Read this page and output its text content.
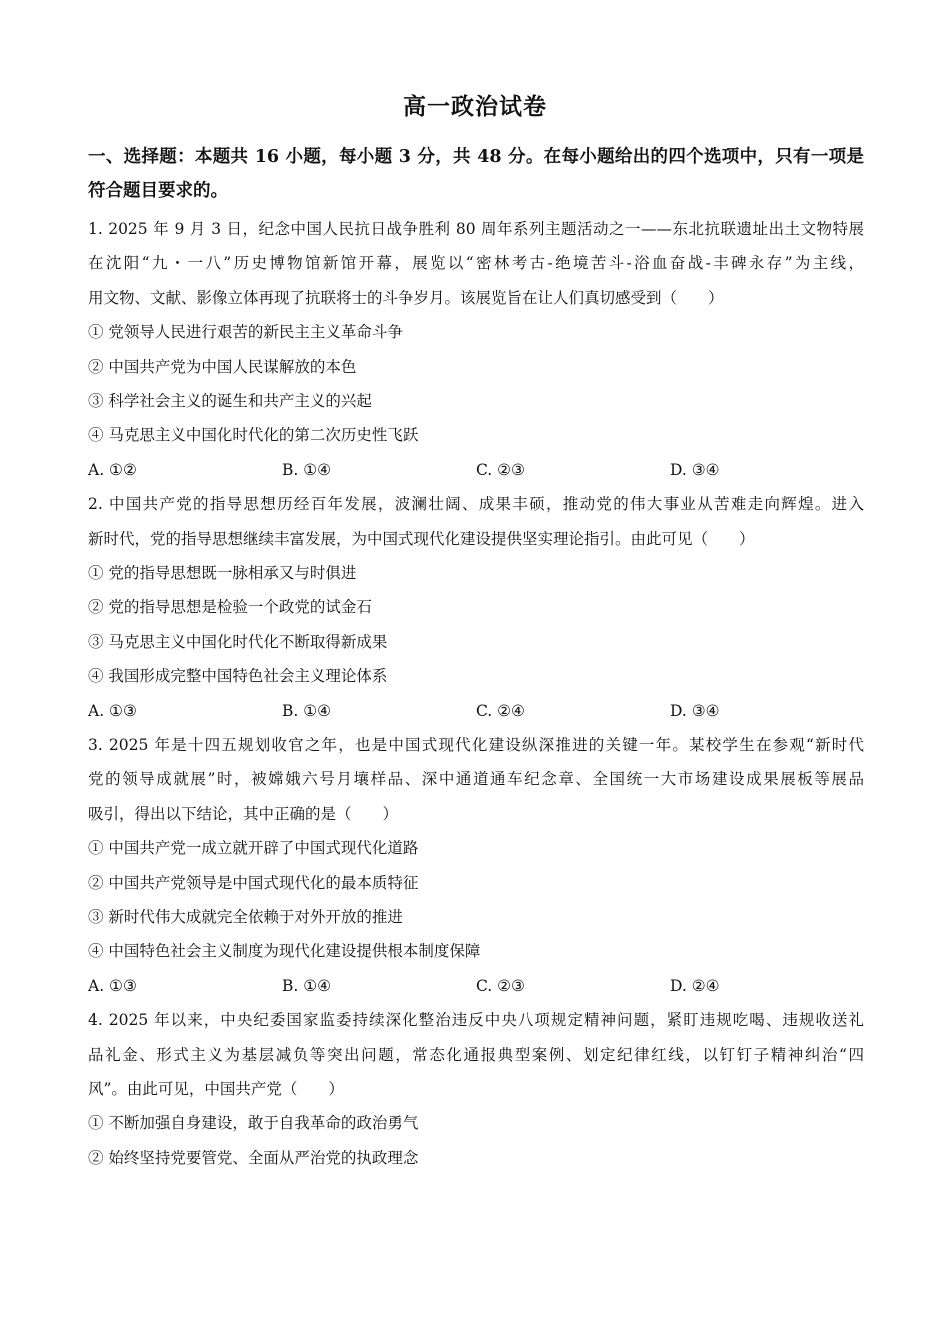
高一政治试卷
一、选择题：本题共 16 小题，每小题 3 分，共 48 分。在每小题给出的四个选项中，只有一项是符合题目要求的。
1. 2025 年 9 月 3 日，纪念中国人民抗日战争胜利 80 周年系列主题活动之一——东北抗联遗址出土文物特展
在沈阳“九・一八”历史博物馆新馆开幕，展览以“密林考古-绝境苦斗-浴血奋战-丰碑永存”为主线，
用文物、文献、影像立体再现了抗联将士的斗争岁月。该展览旨在让人们真切感受到（　　）
① 党领导人民进行艰苦的新民主主义革命斗争
② 中国共产党为中国人民谋解放的本色
③ 科学社会主义的诞生和共产主义的兴起
④ 马克思主义中国化时代化的第二次历史性飞跃
A. ①②	B. ①④	C. ②③	D. ③④
2. 中国共产党的指导思想历经百年发展，波澜壮阔、成果丰硕，推动党的伟大事业从苦难走向辉煌。进入
新时代，党的指导思想继续丰富发展，为中国式现代化建设提供坚实理论指引。由此可见（　　）
① 党的指导思想既一脉相承又与时俱进
② 党的指导思想是检验一个政党的试金石
③ 马克思主义中国化时代化不断取得新成果
④ 我国形成完整中国特色社会主义理论体系
A. ①③	B. ①④	C. ②④	D. ③④
3. 2025 年是十四五规划收官之年，也是中国式现代化建设纵深推进的关键一年。某校学生在参观“新时代
党的领导成就展”时，被嫦娥六号月壤样品、深中通道通车纪念章、全国统一大市场建设成果展板等展品
吸引，得出以下结论，其中正确的是（　　）
① 中国共产党一成立就开辟了中国式现代化道路
② 中国共产党领导是中国式现代化的最本质特征
③ 新时代伟大成就完全依赖于对外开放的推进
④ 中国特色社会主义制度为现代化建设提供根本制度保障
A. ①③	B. ①④	C. ②③	D. ②④
4. 2025 年以来，中央纪委国家监委持续深化整治违反中央八项规定精神问题，紧盯违规吃喝、违规收送礼
品礼金、形式主义为基层减负等突出问题，常态化通报典型案例、划定纪律红线，以钉钉子精神纠治“四
风”。由此可见，中国共产党（　　）
① 不断加强自身建设，敢于自我革命的政治勇气
② 始终坚持党要管党、全面从严治党的执政理念
